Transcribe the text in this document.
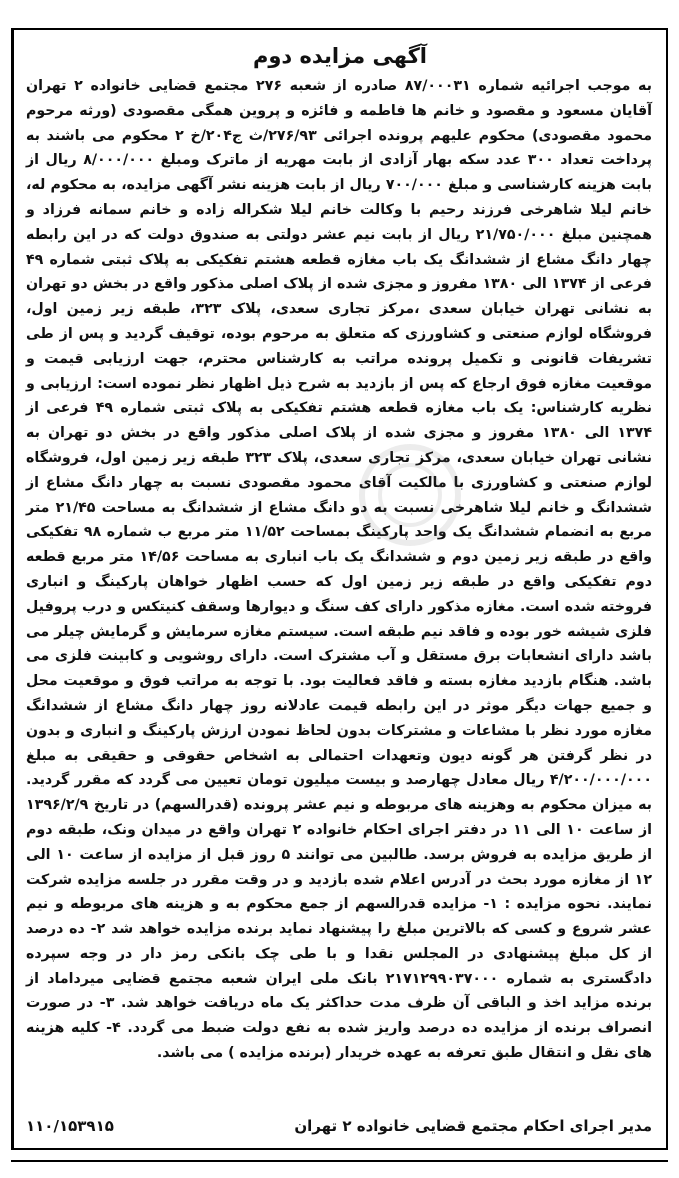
آگهی مزایده دوم
به موجب اجرائیه شماره ۸۷/۰۰۰۳۱ صادره از شعبه ۲۷۶ مجتمع قضایی خانواده ۲ تهران آقایان مسعود و مقصود و خانم ها فاطمه و فائزه و پروین همگی مقصودی (ورثه مرحوم محمود مقصودی) محکوم علیهم پرونده اجرائی ۲۷۶/۹۳/ث ج۲۰۴/خ ۲ محکوم می باشند به پرداخت تعداد ۳۰۰ عدد سکه بهار آزادی از بابت مهریه از ماترک ومبلغ ۸/۰۰۰/۰۰۰ ریال از بابت هزینه کارشناسی و مبلغ ۷۰۰/۰۰۰ ریال از بابت هزینه نشر آگهی مزایده، به محکوم له، خانم لیلا شاهرخی فرزند رحیم با وکالت خانم لیلا شکراله زاده و خانم سمانه فرزاد و همچنین مبلغ ۲۱/۷۵۰/۰۰۰ ریال از بابت نیم عشر دولتی به صندوق دولت که در این رابطه چهار دانگ مشاع از ششدانگ یک باب مغازه قطعه هشتم تفکیکی به پلاک ثبتی شماره ۴۹ فرعی از ۱۳۷۴ الی ۱۳۸۰ مفروز و مجزی شده از پلاک اصلی مذکور واقع در بخش دو تهران به نشانی تهران خیابان سعدی ،مرکز تجاری سعدی، پلاک ۳۲۳، طبقه زیر زمین اول، فروشگاه لوازم صنعتی و کشاورزی که متعلق به مرحوم بوده، توقیف گردید و پس از طی تشریفات قانونی و تکمیل پرونده مراتب به کارشناس محترم، جهت ارزیابی قیمت و موقعیت مغازه فوق ارجاع که پس از بازدید به شرح ذیل اظهار نظر نموده است: ارزیابی و نظریه کارشناس: یک باب مغازه قطعه هشتم تفکیکی به پلاک ثبتی شماره ۴۹ فرعی از ۱۳۷۴ الی ۱۳۸۰ مفروز و مجزی شده از پلاک اصلی مذکور واقع در بخش دو تهران به نشانی تهران خیابان سعدی، مرکز تجاری سعدی، پلاک ۳۲۳ طبقه زیر زمین اول، فروشگاه لوازم صنعتی و کشاورزی با مالکیت آقای محمود مقصودی نسبت به چهار دانگ مشاع از ششدانگ و خانم لیلا شاهرخی نسبت به دو دانگ مشاع از ششدانگ به مساحت ۲۱/۴۵ متر مربع به انضمام ششدانگ یک واحد پارکینگ بمساحت ۱۱/۵۲ متر مربع ب شماره ۹۸ تفکیکی واقع در طبقه زیر زمین دوم و ششدانگ یک باب انباری به مساحت ۱۴/۵۶ متر مربع قطعه دوم تفکیکی واقع در طبقه زیر زمین اول که حسب اظهار خواهان پارکینگ و انباری فروخته شده است. مغازه مذکور دارای کف سنگ و دیوارها وسقف کنیتکس و درب پروفیل فلزی شیشه خور بوده و فاقد نیم طبقه است. سیستم مغازه سرمایش و گرمایش چیلر می باشد دارای انشعابات برق مستقل و آب مشترک است. دارای روشویی و کابینت فلزی می باشد. هنگام بازدید مغازه بسته و فاقد فعالیت بود. با توجه به مراتب فوق و موقعیت محل و جمیع جهات دیگر موثر در این رابطه قیمت عادلانه روز چهار دانگ مشاع از ششدانگ مغازه مورد نظر با مشاعات و مشترکات بدون لحاظ نمودن ارزش پارکینگ و انباری و بدون در نظر گرفتن هر گونه دیون وتعهدات احتمالی به اشخاص حقوقی و حقیقی به مبلغ ۴/۲۰۰/۰۰۰/۰۰۰ ریال معادل چهارصد و بیست میلیون تومان تعیین می گردد که مقرر گردید. به میزان محکوم به وهزینه های مربوطه و نیم عشر پرونده (قدرالسهم) در تاریخ ۱۳۹۶/۲/۹ از ساعت ۱۰ الی ۱۱ در دفتر اجرای احکام خانواده ۲ تهران واقع در میدان ونک، طبقه دوم از طریق مزایده به فروش برسد. طالبین می توانند ۵ روز قبل از مزایده از ساعت ۱۰ الی ۱۲ از مغازه مورد بحث در آدرس اعلام شده بازدید و در وقت مقرر در جلسه مزایده شرکت نمایند. نحوه مزایده : ۱- مزایده قدرالسهم از جمع محکوم به و هزینه های مربوطه و نیم عشر شروع و کسی که بالاترین مبلغ را پیشنهاد نماید برنده مزایده خواهد شد ۲- ده درصد از کل مبلغ پیشنهادی در المجلس نقدا و با طی چک بانکی رمز دار در وجه سپرده دادگستری به شماره ۲۱۷۱۲۹۹۰۳۷۰۰۰ بانک ملی ایران شعبه مجتمع قضایی میرداماد از برنده مزاید اخذ و الباقی آن ظرف مدت حداکثر یک ماه دریافت خواهد شد. ۳- در صورت انصراف برنده از مزایده ده درصد واریز شده به نفع دولت ضبط می گردد. ۴- کلیه هزینه های نقل و انتقال طبق تعرفه به عهده خریدار (برنده مزایده ) می باشد.
مدیر اجرای احکام مجتمع قضایی خانواده ۲ تهران
۱۱۰/۱۵۳۹۱۵
